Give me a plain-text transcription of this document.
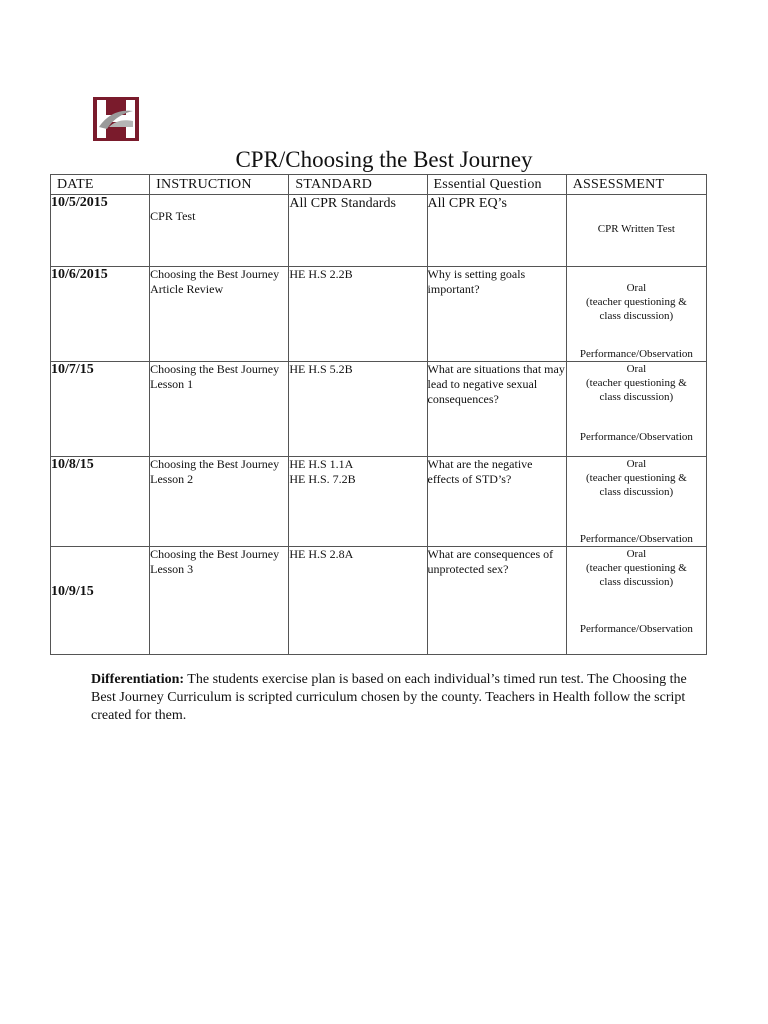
CPR/Choosing the Best Journey
DATE	INSTRUCTION	STANDARD	Essential Question	ASSESSMENT
10/5/2015	CPR Test	All CPR Standards	All CPR EQ’s	CPR Written Test

10/6/2015	Choosing the Best Journey Article Review	HE H.S 2.2B	Why is setting goals important?	Oral
(teacher questioning &
class discussion)
Performance/Observation

10/7/15	Choosing the Best Journey Lesson 1	HE H.S 5.2B	What are situations that may lead to negative sexual consequences?	Oral
(teacher questioning &
class discussion)
Performance/Observation

10/8/15	Choosing the Best Journey Lesson 2	HE H.S 1.1A
HE H.S. 7.2B	What are the negative effects of STD’s?	Oral
(teacher questioning &
class discussion)
Performance/Observation

10/9/15	Choosing the Best Journey Lesson 3	HE H.S 2.8A	What are consequences of unprotected sex?	Oral
(teacher questioning &
class discussion)
Performance/Observation
Differentiation: The students exercise plan is based on each individual’s timed run test. The Choosing the Best Journey Curriculum is scripted curriculum chosen by the county. Teachers in Health follow the script created for them.
